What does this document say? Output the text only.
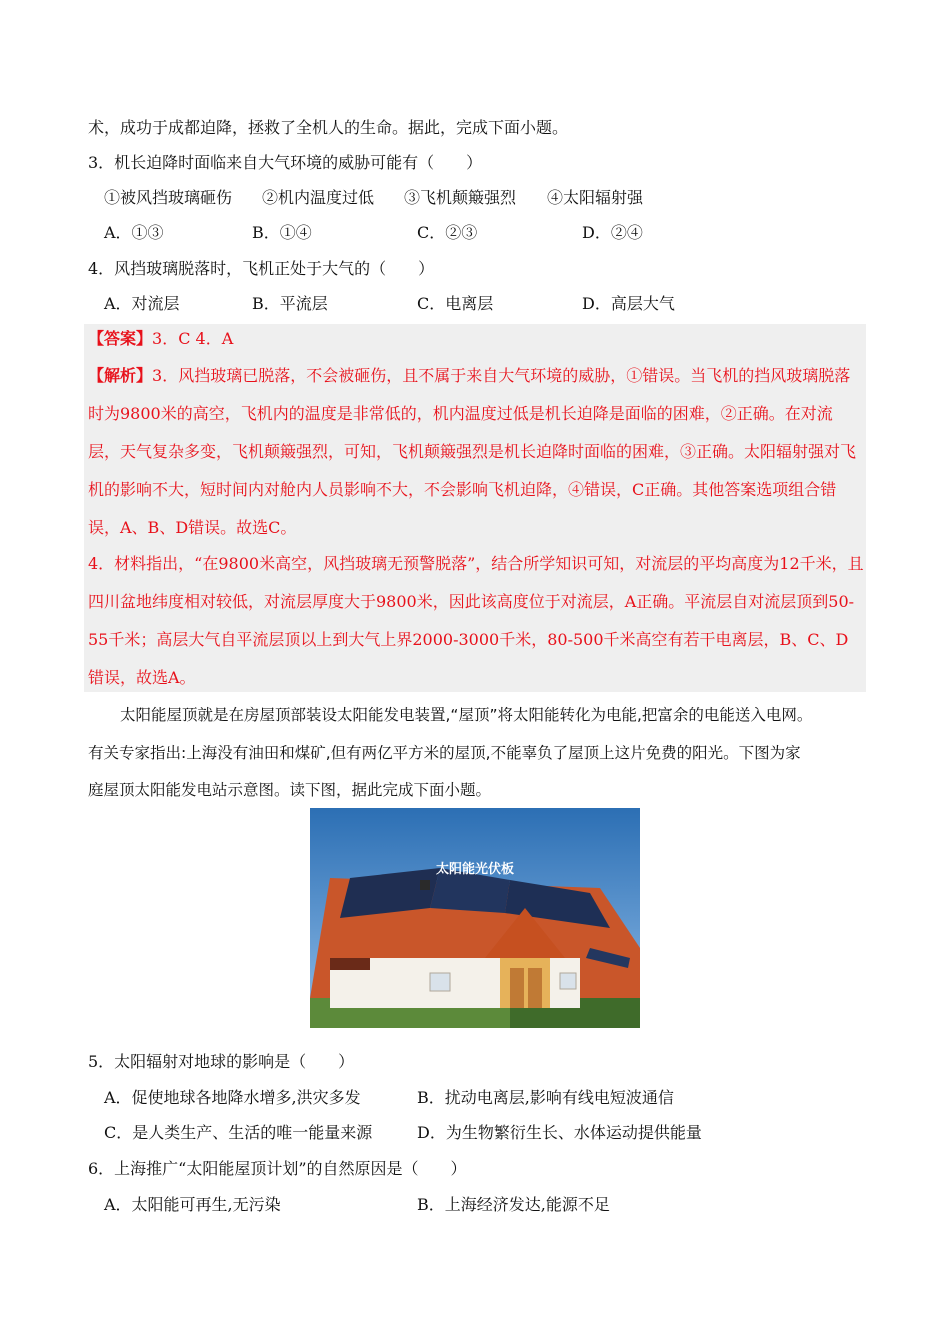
术，成功于成都迫降，拯救了全机人的生命。据此，完成下面小题。
3．机长迫降时面临来自大气环境的威胁可能有（　　）
①被风挡玻璃砸伤 ②机内温度过低 ③飞机颠簸强烈 ④太阳辐射强
A．①③	B．①④	C．②③	D．②④
4．风挡玻璃脱落时，飞机正处于大气的（　　）
A．对流层	B．平流层	C．电离层	D．高层大气
【答案】3．C 4．A
【解析】3．风挡玻璃已脱落，不会被砸伤，且不属于来自大气环境的威胁，①错误。当飞机的挡风玻璃脱落时为9800米的高空，飞机内的温度是非常低的，机内温度过低是机长迫降是面临的困难，②正确。在对流层，天气复杂多变，飞机颠簸强烈，可知，飞机颠簸强烈是机长迫降时面临的困难，③正确。太阳辐射强对飞机的影响不大，短时间内对舱内人员影响不大，不会影响飞机迫降，④错误，C正确。其他答案选项组合错误，A、B、D错误。故选C。
4．材料指出，“在9800米高空，风挡玻璃无预警脱落”，结合所学知识可知，对流层的平均高度为12千米，且四川盆地纬度相对较低，对流层厚度大于9800米，因此该高度位于对流层，A正确。平流层自对流层顶到50-55千米；高层大气自平流层顶以上到大气上界2000-3000千米，80-500千米高空有若干电离层，B、C、D错误，故选A。
太阳能屋顶就是在房屋顶部装设太阳能发电装置,“屋顶”将太阳能转化为电能,把富余的电能送入电网。
有关专家指出:上海没有油田和煤矿,但有两亿平方米的屋顶,不能辜负了屋顶上这片免费的阳光。下图为家
庭屋顶太阳能发电站示意图。读下图，据此完成下面小题。
太阳能光伏板
5．太阳辐射对地球的影响是（　　）
A．促使地球各地降水增多,洪灾多发	B．扰动电离层,影响有线电短波通信
C．是人类生产、生活的唯一能量来源	D．为生物繁衍生长、水体运动提供能量
6．上海推广“太阳能屋顶计划”的自然原因是（　　）
A．太阳能可再生,无污染	B．上海经济发达,能源不足
